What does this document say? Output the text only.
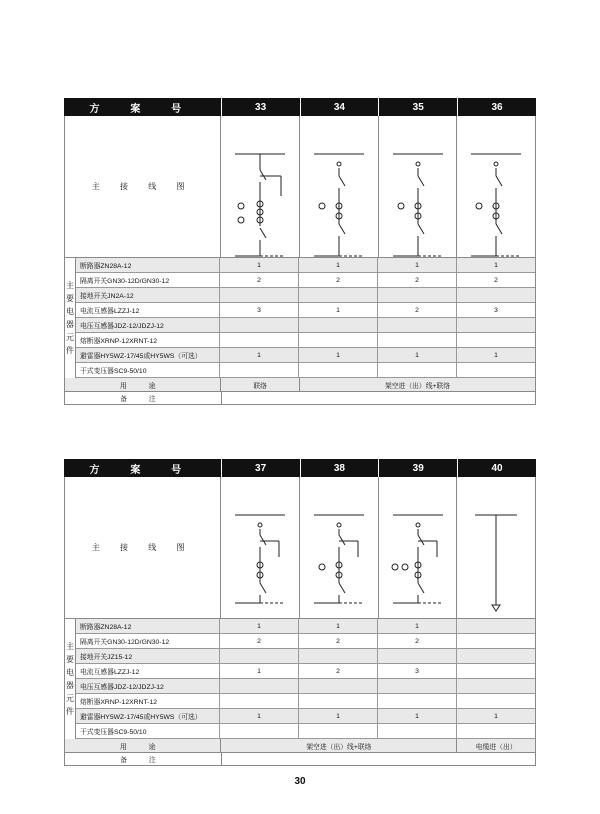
方 案 号	33	34	35	36
主 接 线 图
主
要
电
器
元
件
断路器ZN28A-12	1	1	1	1
隔离开关GN30-12D/GN30-12	2	2	2	2
接地开关JN2A-12
电流互感器LZZJ-12	3	1	2	3
电压互感器JDZ-12/JDZJ-12
熔断器XRNP-12XRNT-12
避雷器HY5WZ-17/45或HY5WS（可选）	1	1	1	1
干式变压器SC9-50/10
用 途	联络	架空进（出）线+联络
备 注
方 案 号	37	38	39	40
主 接 线 图
主
要
电
器
元
件
断路器ZN28A-12	1	1	1
隔离开关GN30-12D/GN30-12	2	2	2
接地开关JZ15-12
电流互感器LZZJ-12	1	2	3
电压互感器JDZ-12/JDZJ-12
熔断器XRNP-12XRNT-12
避雷器HY5WZ-17/45或HY5WS（可选）	1	1	1	1
干式变压器SC9-50/10
用 途	架空进（出）线+联络	电缆进（出）
备 注
30
